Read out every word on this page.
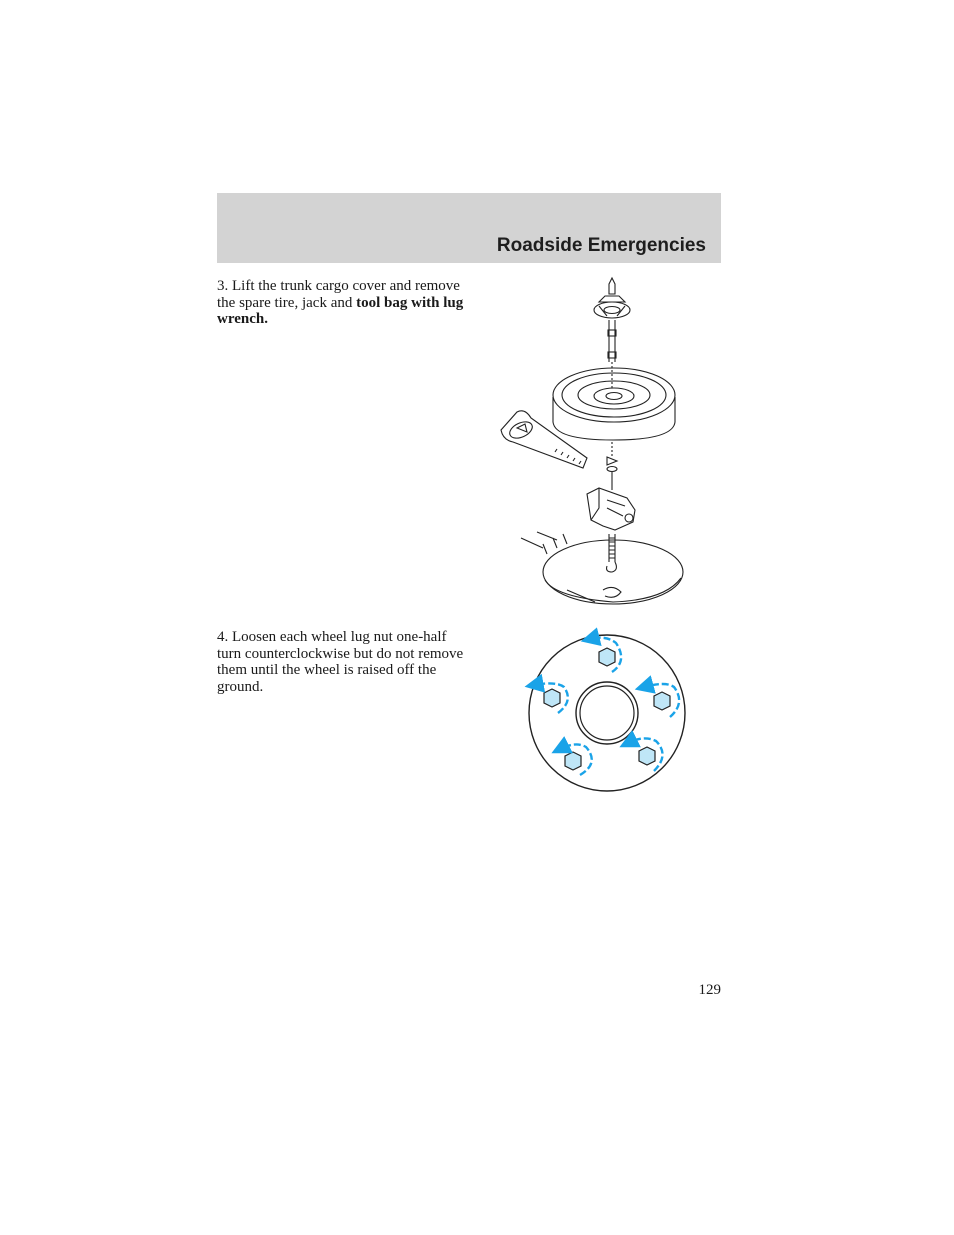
Roadside Emergencies
3. Lift the trunk cargo cover and remove the spare tire, jack and tool bag with lug wrench.
4. Loosen each wheel lug nut one-half turn counterclockwise but do not remove them until the wheel is raised off the ground.
129
